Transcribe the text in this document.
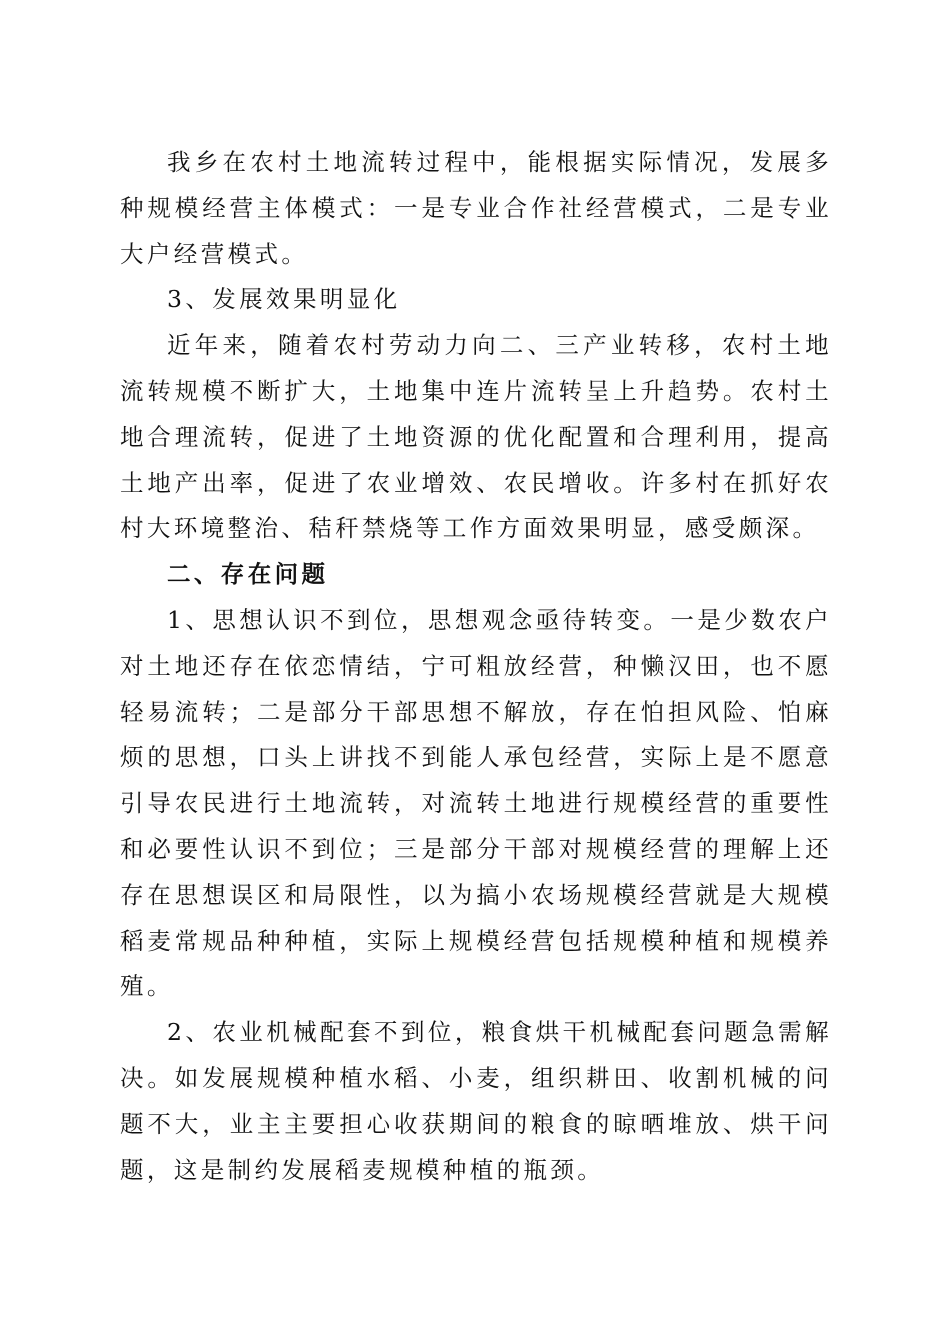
我乡在农村土地流转过程中，能根据实际情况，发展多种规模经营主体模式：一是专业合作社经营模式，二是专业大户经营模式。

3、发展效果明显化

近年来，随着农村劳动力向二、三产业转移，农村土地流转规模不断扩大，土地集中连片流转呈上升趋势。农村土地合理流转，促进了土地资源的优化配置和合理利用，提高土地产出率，促进了农业增效、农民增收。许多村在抓好农村大环境整治、秸秆禁烧等工作方面效果明显，感受颇深。

二、存在问题

1、思想认识不到位，思想观念亟待转变。一是少数农户对土地还存在依恋情结，宁可粗放经营，种懒汉田，也不愿轻易流转；二是部分干部思想不解放，存在怕担风险、怕麻烦的思想，口头上讲找不到能人承包经营，实际上是不愿意引导农民进行土地流转，对流转土地进行规模经营的重要性和必要性认识不到位；三是部分干部对规模经营的理解上还存在思想误区和局限性，以为搞小农场规模经营就是大规模稻麦常规品种种植，实际上规模经营包括规模种植和规模养殖。

2、农业机械配套不到位，粮食烘干机械配套问题急需解决。如发展规模种植水稻、小麦，组织耕田、收割机械的问题不大，业主主要担心收获期间的粮食的晾晒堆放、烘干问题，这是制约发展稻麦规模种植的瓶颈。
